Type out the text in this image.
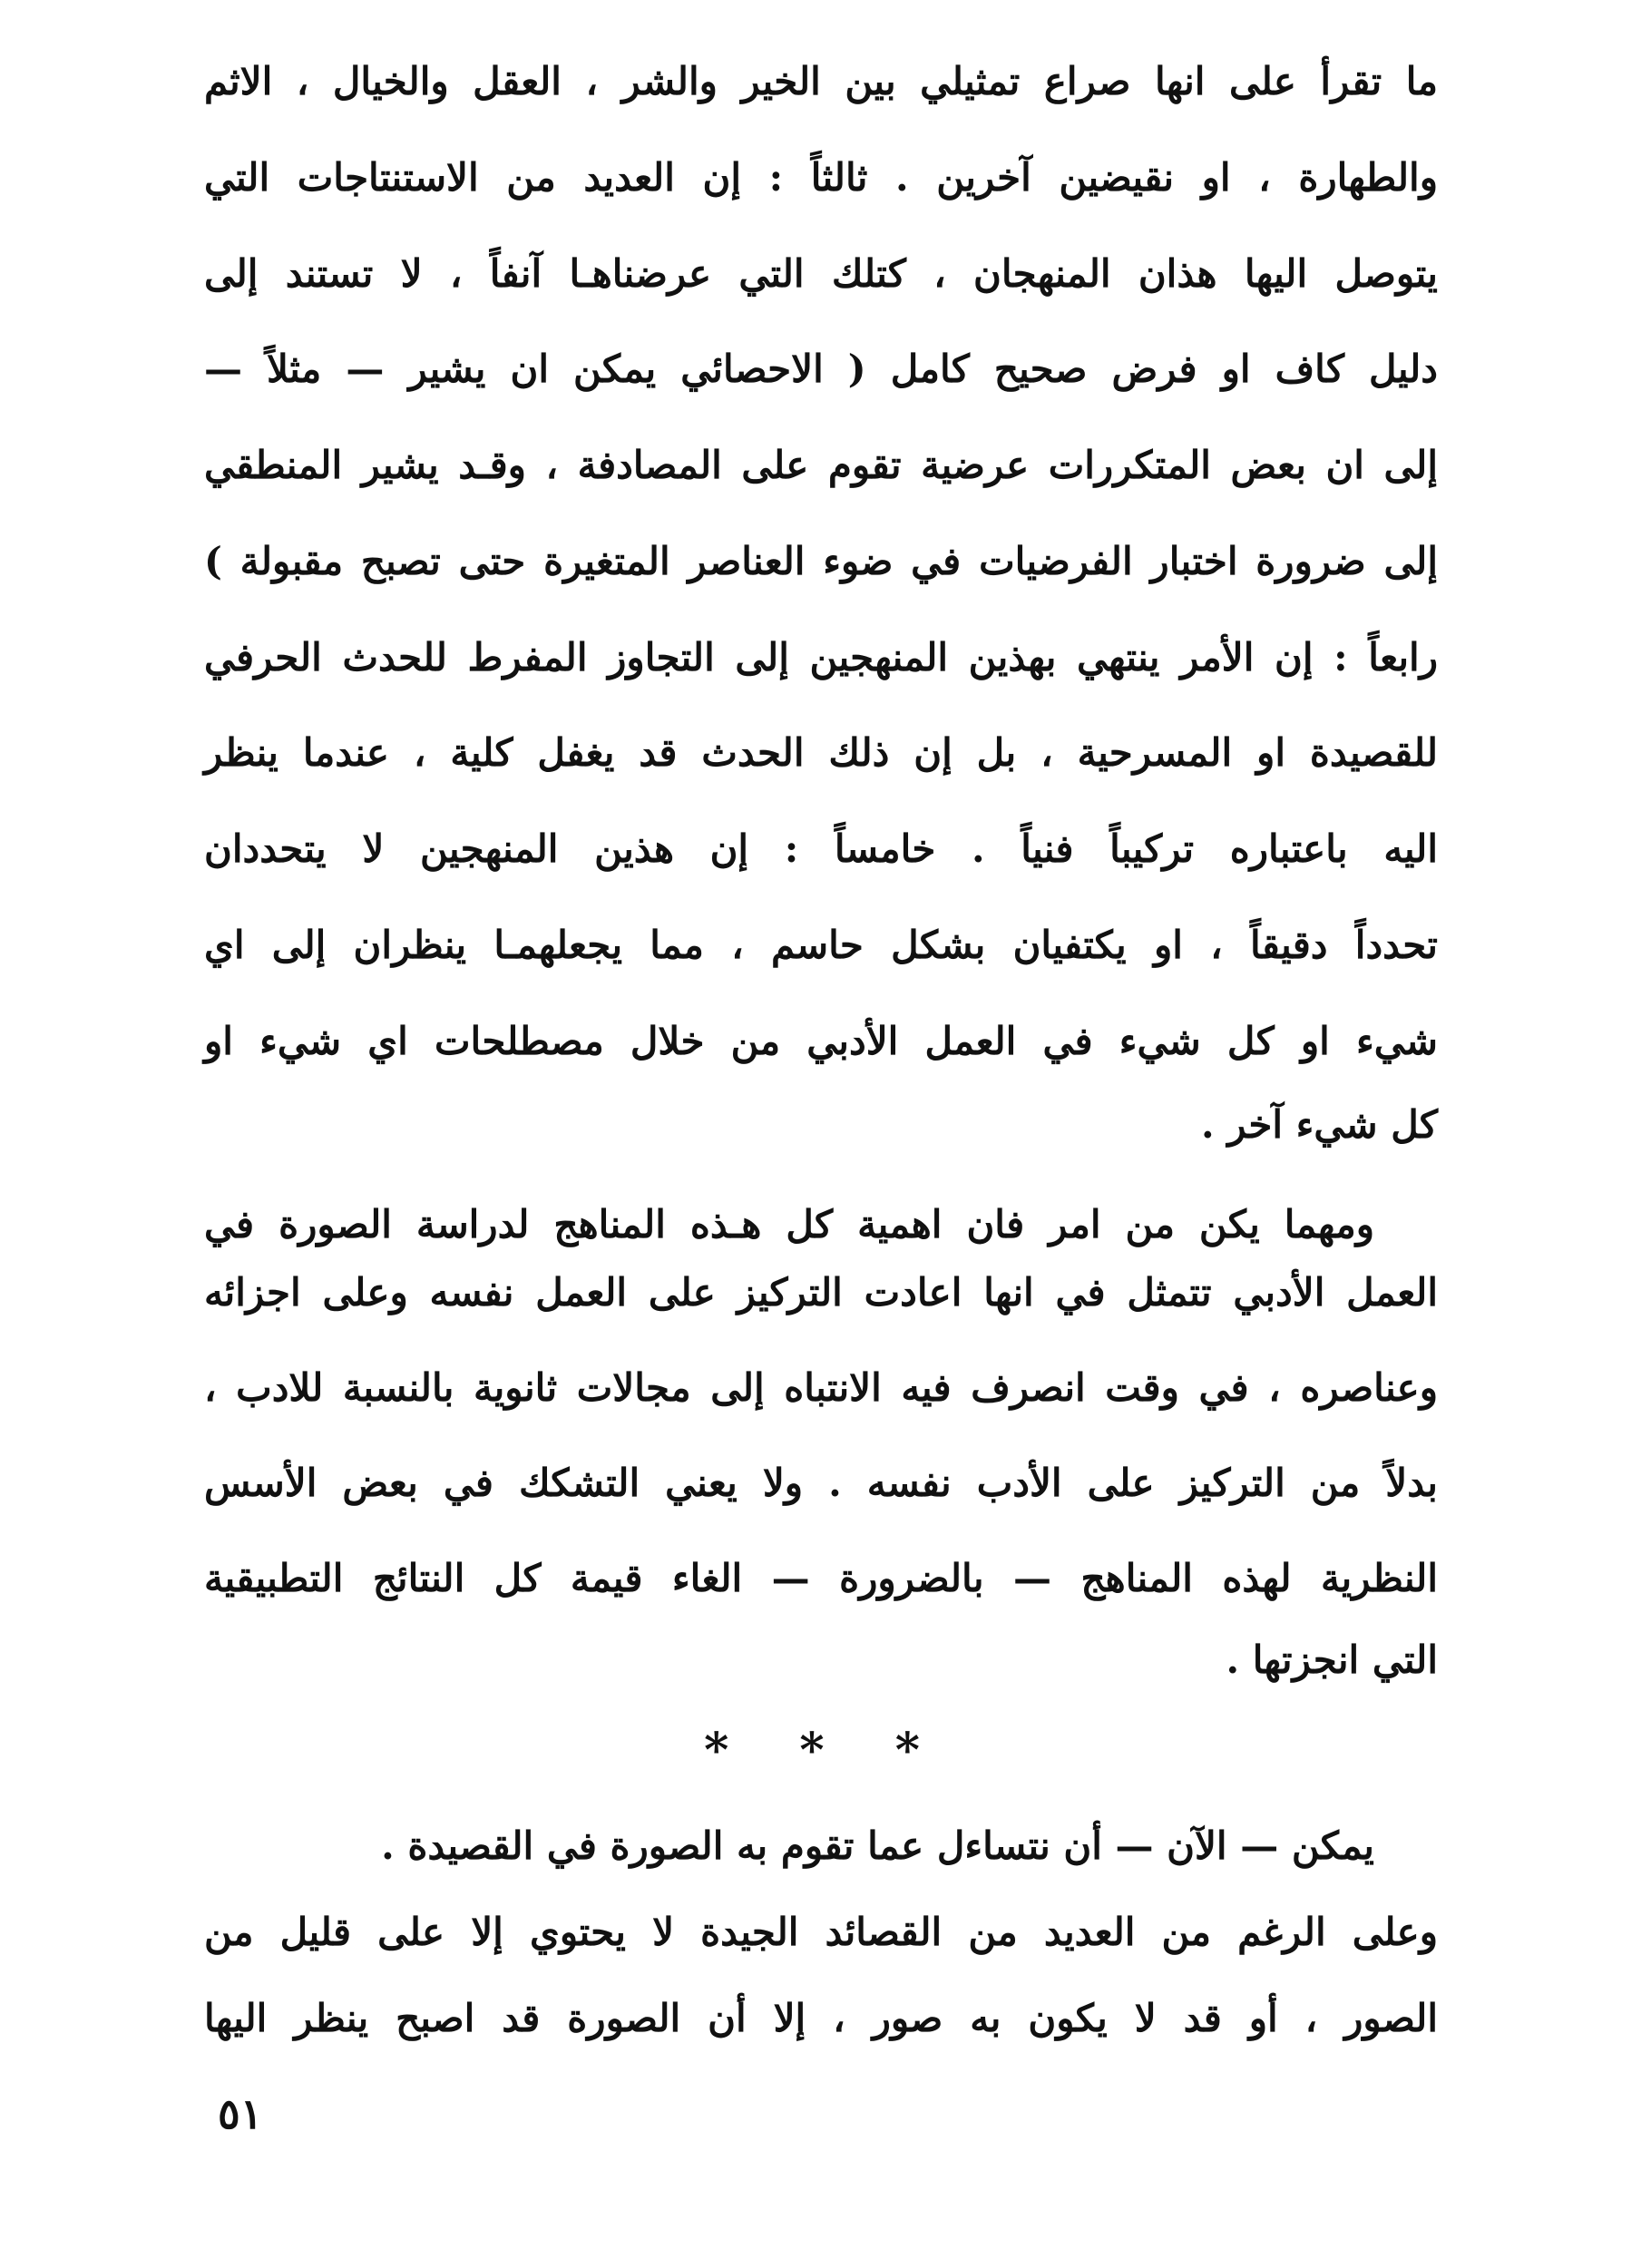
ما تقرأ على انها صراع تمثيلي بين الخير والشر ، العقل والخيال ، الاثم
والطهارة ، او نقيضين آخرين . ثالثاً : إن العديد من الاستنتاجات التي
يتوصل اليها هذان المنهجان ، كتلك التي عرضناهـا آنفاً ، لا تستند إلى
دليل كاف او فرض صحيح كامل ( الاحصائي يمكن ان يشير — مثلاً —
إلى ان بعض المتكررات عرضية تقوم على المصادفة ، وقـد يشير المنطقي
إلى ضرورة اختبار الفرضيات في ضوء العناصر المتغيرة حتى تصبح مقبولة )
رابعاً : إن الأمر ينتهي بهذين المنهجين إلى التجاوز المفرط للحدث الحرفي
للقصيدة او المسرحية ، بل إن ذلك الحدث قد يغفل كلية ، عندما ينظر
اليه باعتباره تركيباً فنياً . خامساً : إن هذين المنهجين لا يتحددان
تحدداً دقيقاً ، او يكتفيان بشكل حاسم ، مما يجعلهمـا ينظران إلى اي
شيء او كل شيء في العمل الأدبي من خلال مصطلحات اي شيء او
كل شيء آخر .
ومهما يكن من امر فان اهمية كل هـذه المناهج لدراسة الصورة في
العمل الأدبي تتمثل في انها اعادت التركيز على العمل نفسه وعلى اجزائه
وعناصره ، في وقت انصرف فيه الانتباه إلى مجالات ثانوية بالنسبة للادب ،
بدلاً من التركيز على الأدب نفسه . ولا يعني التشكك في بعض الأسس
النظرية لهذه المناهج — بالضرورة — الغاء قيمة كل النتائج التطبيقية
التي انجزتها .
* * *
يمكن — الآن — أن نتساءل عما تقوم به الصورة في القصيدة .
وعلى الرغم من العديد من القصائد الجيدة لا يحتوي إلا على قليل من
الصور ، أو قد لا يكون به صور ، إلا أن الصورة قد اصبح ينظر اليها
٥١
